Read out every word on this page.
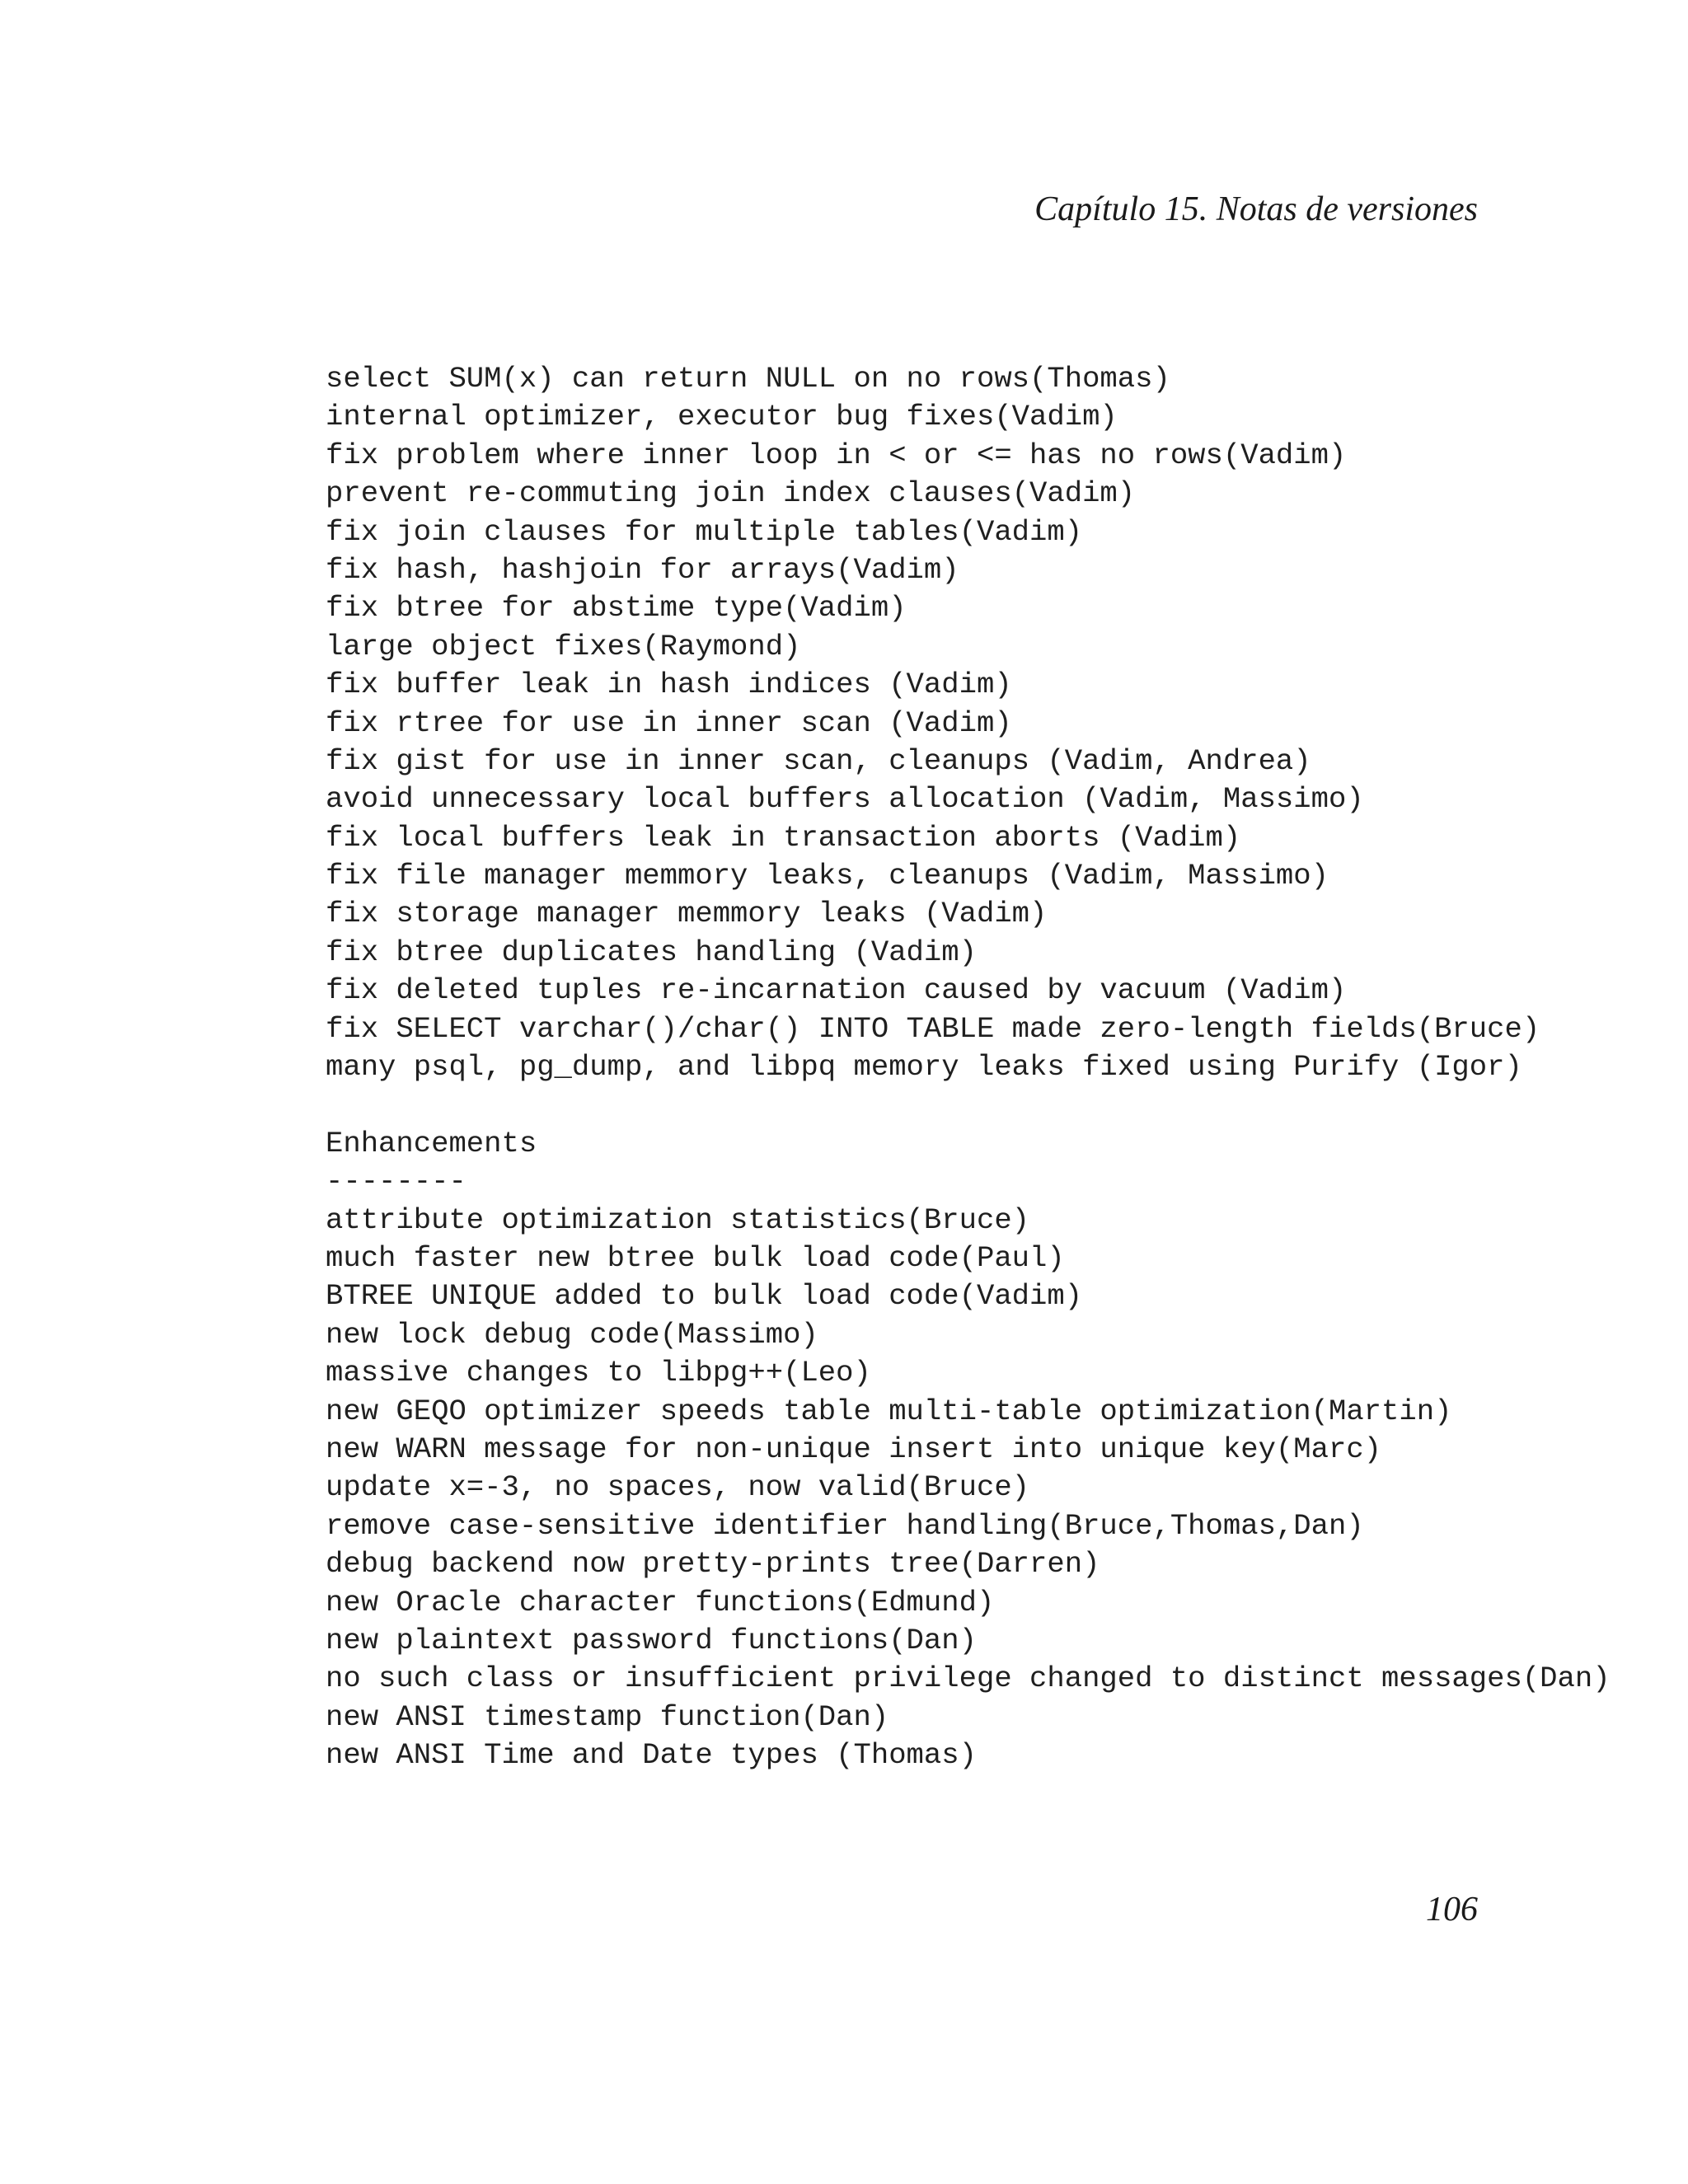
Capítulo 15. Notas de versiones

select SUM(x) can return NULL on no rows(Thomas)
internal optimizer, executor bug fixes(Vadim)
fix problem where inner loop in < or <= has no rows(Vadim)
prevent re-commuting join index clauses(Vadim)
fix join clauses for multiple tables(Vadim)
fix hash, hashjoin for arrays(Vadim)
fix btree for abstime type(Vadim)
large object fixes(Raymond)
fix buffer leak in hash indices (Vadim)
fix rtree for use in inner scan (Vadim)
fix gist for use in inner scan, cleanups (Vadim, Andrea)
avoid unnecessary local buffers allocation (Vadim, Massimo)
fix local buffers leak in transaction aborts (Vadim)
fix file manager memmory leaks, cleanups (Vadim, Massimo)
fix storage manager memmory leaks (Vadim)
fix btree duplicates handling (Vadim)
fix deleted tuples re-incarnation caused by vacuum (Vadim)
fix SELECT varchar()/char() INTO TABLE made zero-length fields(Bruce)
many psql, pg_dump, and libpq memory leaks fixed using Purify (Igor)
Enhancements
--------
attribute optimization statistics(Bruce)
much faster new btree bulk load code(Paul)
BTREE UNIQUE added to bulk load code(Vadim)
new lock debug code(Massimo)
massive changes to libpg++(Leo)
new GEQO optimizer speeds table multi-table optimization(Martin)
new WARN message for non-unique insert into unique key(Marc)
update x=-3, no spaces, now valid(Bruce)
remove case-sensitive identifier handling(Bruce,Thomas,Dan)
debug backend now pretty-prints tree(Darren)
new Oracle character functions(Edmund)
new plaintext password functions(Dan)
no such class or insufficient privilege changed to distinct messages(Dan)
new ANSI timestamp function(Dan)
new ANSI Time and Date types (Thomas)

106
